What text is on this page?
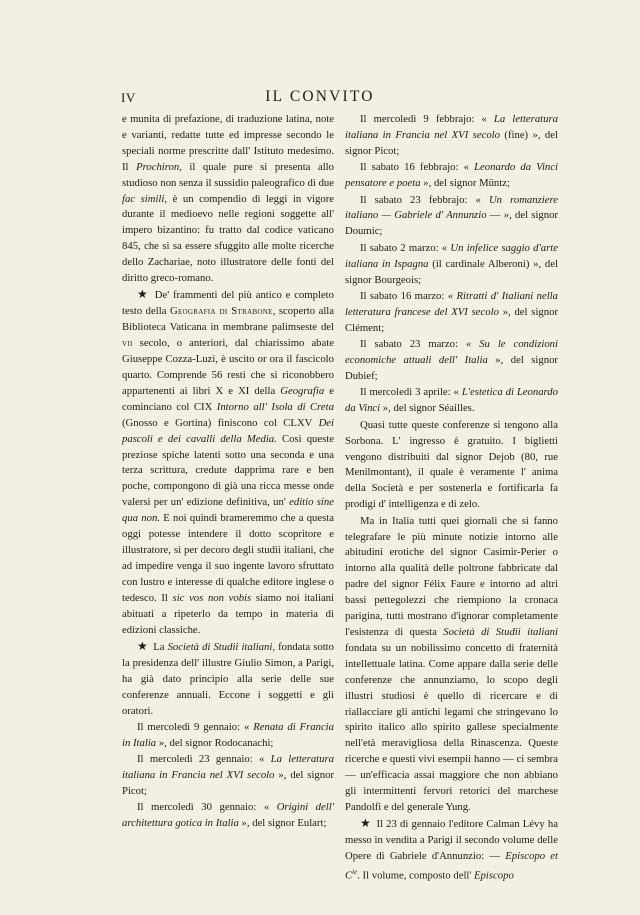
IV	IL CONVITO

e munita di prefazione, di traduzione latina, note e varianti, redatte tutte ed impresse secondo le speciali norme prescritte dall' Istituto medesimo. Il Prochiron, il quale pure si presenta allo studioso non senza il sussidio paleografico di due fac simili, è un compendio di leggi in vigore durante il medioevo nelle regioni soggette all' impero bizantino: fu tratto dal codice vaticano 845, che si sa essere sfuggito alle molte ricerche dello Zachariae, noto illustratore delle fonti del diritto greco-romano.

★ De' frammenti del più antico e completo testo della Geografia di Strabone, scoperto alla Biblioteca Vaticana in membrane palimseste del vii secolo, o anteriori, dal chiarissimo abate Giuseppe Cozza-Luzi, è uscito or ora il fascicolo quarto. Comprende 56 resti che si riconobbero appartenenti ai libri X e XI della Geografia e cominciano col CIX Intorno all' Isola di Creta (Gnosso e Gortina) finiscono col CLXV Dei pascoli e dei cavalli della Media. Così queste preziose spiche latenti sotto una seconda e una terza scrittura, credute dapprima rare e ben poche, compongono di già una ricca messe onde valersi per un' edizione definitiva, un' editio sine qua non. E noi quindi bramerеmmo che a questa oggi potesse intendere il dotto scopritore e illustratore, sì per decoro degli studii italiani, che ad impedire venga il suo ingente lavoro sfruttato con lustro e interesse di qualche editore inglese o tedesco. Il sic vos non vobis siamo noi italiani abituati a ripeterlo da tempo in materia di edizioni classiche.

★ La Società di Studii italiani, fondata sotto la presidenza dell' illustre Giulio Simon, a Parigi, ha già dato principio alla serie delle sue conferenze annuali. Eccone i soggetti e gli oratori.

Il mercoledì 9 gennaio: « Renata di Francia in Italia », del signor Rodocanachi;

Il mercoledì 23 gennaio: « La letteratura italiana in Francia nel XVI secolo », del signor Picot;

Il mercoledì 30 gennaio: « Origini dell' architettura gotica in Italia », del signor Eulart;

Il mercoledì 9 febbrajo: « La letteratura italiana in Francia nel XVI secolo (fine) », del signor Picot;

Il sabato 16 febbrajo: « Leonardo da Vinci pensatore e poeta », del signor Müntz;

Il sabato 23 febbrajo: « Un romanziere italiano — Gabriele d' Annunzio — », del signor Doumic;

Il sabato 2 marzo: « Un infelice saggio d'arte italiana in Ispagna (il cardinale Alberoni) », del signor Bourgeois;

Il sabato 16 marzo: « Ritratti d' Italiani nella letteratura francese del XVI secolo », del signor Clément;

Il sabato 23 marzo: « Su le condizioni economiche attuali dell' Italia », del signor Dubief;

Il mercoledì 3 aprile: « L'estetica di Leonardo da Vinci », del signor Séailles.

Quasi tutte queste conferenze si tengono alla Sorbona. L' ingresso è gratuito. I biglietti vengono distribuiti dal signor Dejob (80, rue Menilmontant), il quale è veramente l' anima della Società e per sostenerla e fortificarla fa prodigi d' intelligenza e di zelo.

Ma in Italia tutti quei giornali che si fanno telegrafare le più minute notizie intorno alle abitudini erotiche del signor Casimir-Perier o intorno alla qualità delle poltrone fabbricate dal padre del signor Félix Faure e intorno ad altri bassi pettegolezzi che riempiono la cronaca parigina, tutti mostrano d'ignorar completamente l'esistenza di questa Società di Studii italiani fondata su un nobilissimo concetto di fraternità intellettuale latina. Come appare dalla serie delle conferenze che annunziamo, lo scopo degli illustri studiosi è quello di ricercare e di riallacciare gli antichi legami che stringevano lo spirito italico allo spirito gallese specialmente nell'età meravigliosa della Rinascenza. Queste ricerche e questi vivi esempii hanno — ci sembra — un'efficacia assai maggiore che non abbiano gli intermittenti fervori retorici del marchese Pandolfi e del generale Yung.

★ Il 23 di gennaio l'editore Calman Lévy ha messo in vendita a Parigi il secondo volume delle Opere di Gabriele d'Annunzio: — Episcopo et $C^{ie}$. Il volume, composto dell' Episcopo
